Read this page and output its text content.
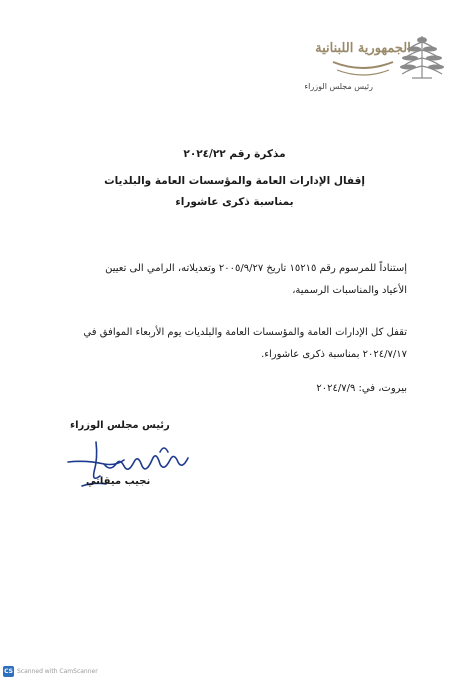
الجمهورية اللبنانية
رئيس مجلس الوزراء
مذكرة رقم ٢٠٢٤/٢٢
إقفال الإدارات العامة والمؤسسات العامة والبلديات
بمناسبة ذكرى عاشوراء
إستناداً للمرسوم رقم ١٥٢١٥ تاريخ ٢٠٠٥/٩/٢٧ وتعديلاته، الرامي الى تعيين
الأعياد والمناسبات الرسمية،
تقفل كل الإدارات العامة والمؤسسات العامة والبلديات يوم الأربعاء الموافق في
٢٠٢٤/٧/١٧ بمناسبة ذكرى عاشوراء.
بيروت، في: ٢٠٢٤/٧/٩
رئيس مجلس الوزراء
نجيب ميقاتي
CS Scanned with CamScanner
